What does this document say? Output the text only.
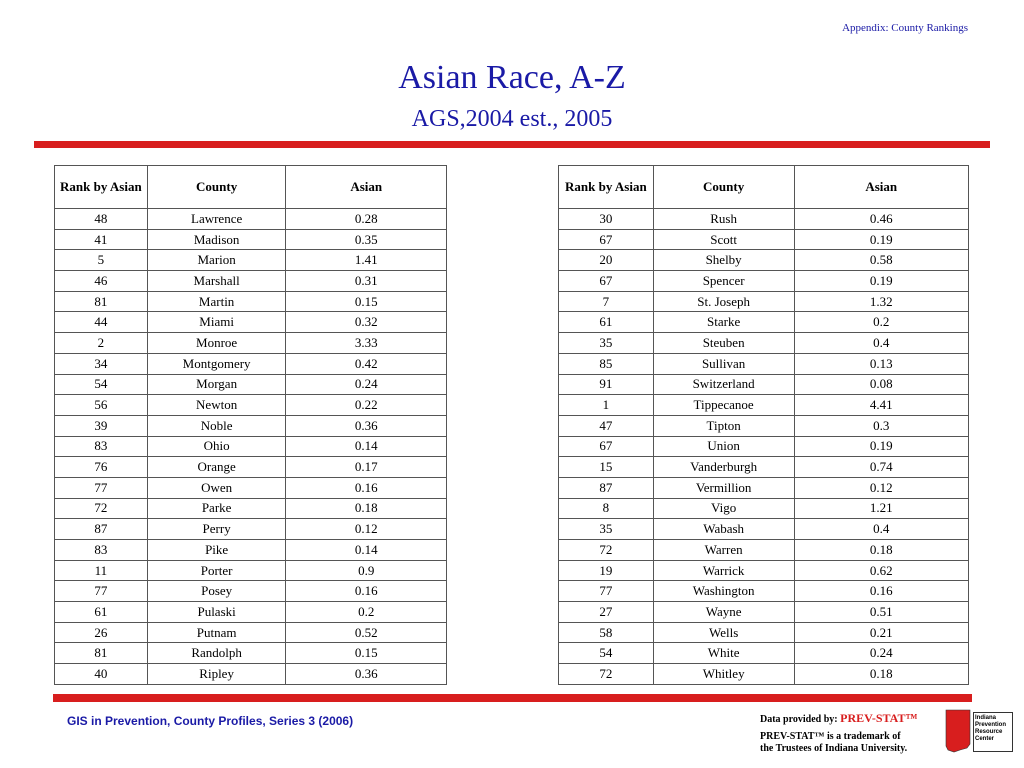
Appendix: County Rankings
Asian Race, A-Z
AGS,2004 est., 2005
Rank by Asian	County	Asian
48	Lawrence	0.28
41	Madison	0.35
5	Marion	1.41
46	Marshall	0.31
81	Martin	0.15
44	Miami	0.32
2	Monroe	3.33
34	Montgomery	0.42
54	Morgan	0.24
56	Newton	0.22
39	Noble	0.36
83	Ohio	0.14
76	Orange	0.17
77	Owen	0.16
72	Parke	0.18
87	Perry	0.12
83	Pike	0.14
11	Porter	0.9
77	Posey	0.16
61	Pulaski	0.2
26	Putnam	0.52
81	Randolph	0.15
40	Ripley	0.36
Rank by Asian	County	Asian
30	Rush	0.46
67	Scott	0.19
20	Shelby	0.58
67	Spencer	0.19
7	St. Joseph	1.32
61	Starke	0.2
35	Steuben	0.4
85	Sullivan	0.13
91	Switzerland	0.08
1	Tippecanoe	4.41
47	Tipton	0.3
67	Union	0.19
15	Vanderburgh	0.74
87	Vermillion	0.12
8	Vigo	1.21
35	Wabash	0.4
72	Warren	0.18
19	Warrick	0.62
77	Washington	0.16
27	Wayne	0.51
58	Wells	0.21
54	White	0.24
72	Whitley	0.18
GIS in Prevention, County Profiles, Series 3 (2006)	Data provided by: PREV-STAT™
PREV-STAT™ is a trademark of
the Trustees of Indiana University.
Indiana Prevention Resource Center
